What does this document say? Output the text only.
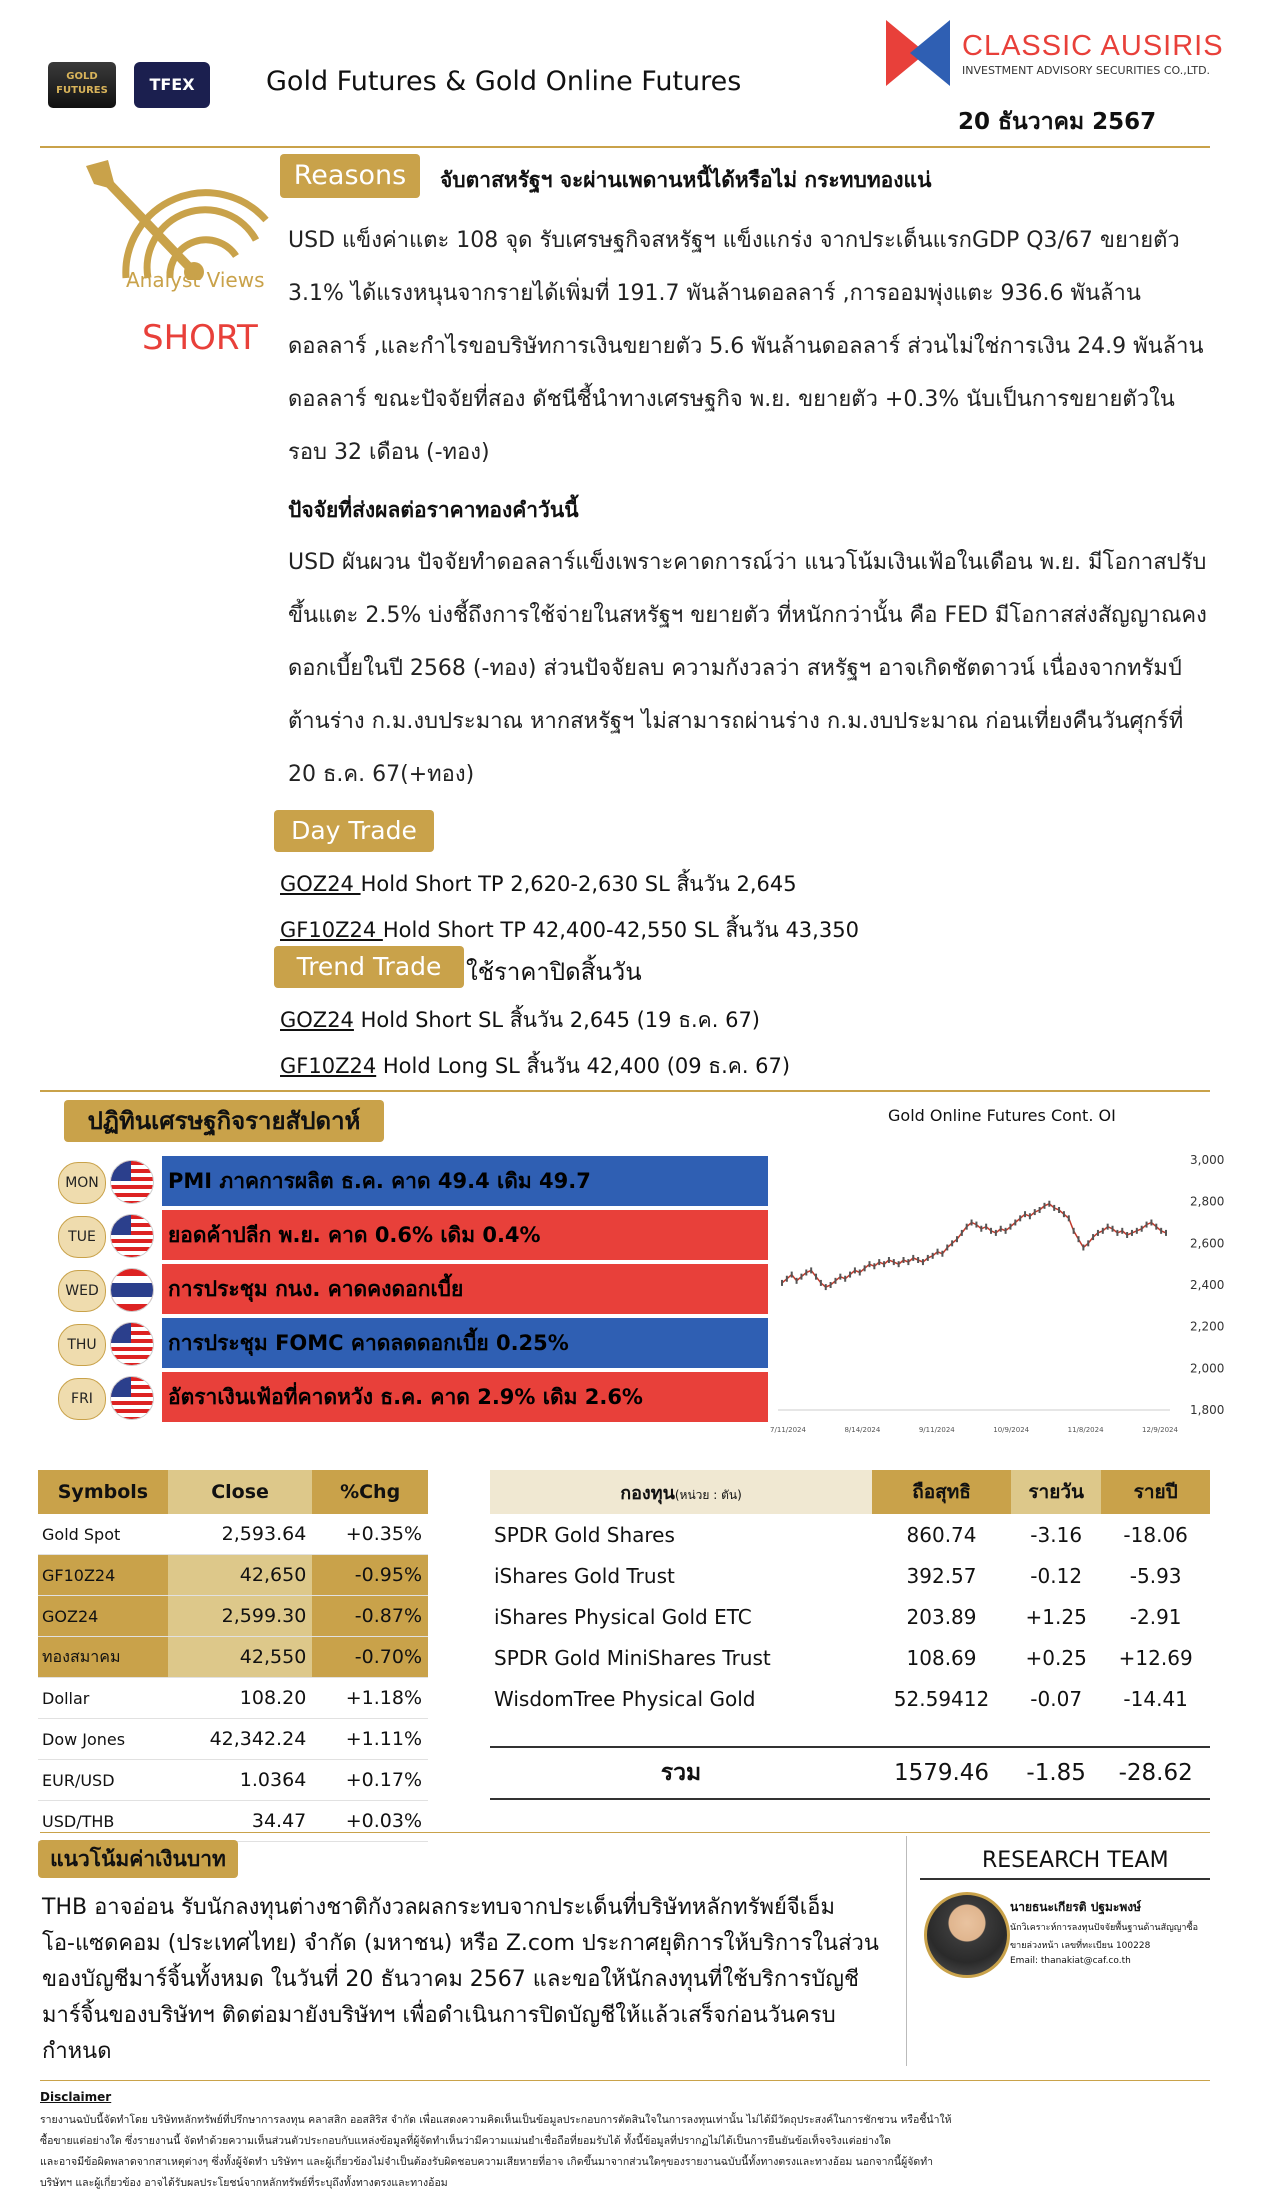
GOLD FUTURES	TFEX	Gold Futures & Gold Online Futures
CLASSIC AUSIRIS
INVESTMENT ADVISORY SECURITIES CO.,LTD.
20 ธันวาคม 2567
Analyst Views
SHORT
Reasons	จับตาสหรัฐฯ จะผ่านเพดานหนี้ได้หรือไม่ กระทบทองแน่
USD แข็งค่าแตะ 108 จุด รับเศรษฐกิจสหรัฐฯ แข็งแกร่ง จากประเด็นแรกGDP Q3/67 ขยายตัว
3.1% ได้แรงหนุนจากรายได้เพิ่มที่ 191.7 พันล้านดอลลาร์ ,การออมพุ่งแตะ 936.6 พันล้าน
ดอลลาร์ ,และกำไรขอบริษัทการเงินขยายตัว 5.6 พันล้านดอลลาร์ ส่วนไม่ใช่การเงิน 24.9 พันล้าน
ดอลลาร์ ขณะปัจจัยที่สอง ดัชนีชี้นำทางเศรษฐกิจ พ.ย. ขยายตัว +0.3% นับเป็นการขยายตัวใน
รอบ 32 เดือน (-ทอง)
ปัจจัยที่ส่งผลต่อราคาทองคำวันนี้
USD ผันผวน ปัจจัยทำดอลลาร์แข็งเพราะคาดการณ์ว่า แนวโน้มเงินเฟ้อในเดือน พ.ย. มีโอกาสปรับ
ขึ้นแตะ 2.5% บ่งชี้ถึงการใช้จ่ายในสหรัฐฯ ขยายตัว ที่หนักกว่านั้น คือ FED มีโอกาสส่งสัญญาณคง
ดอกเบี้ยในปี 2568 (-ทอง) ส่วนปัจจัยลบ ความกังวลว่า สหรัฐฯ อาจเกิดชัตดาวน์ เนื่องจากทรัมป์
ต้านร่าง ก.ม.งบประมาณ หากสหรัฐฯ ไม่สามารถผ่านร่าง ก.ม.งบประมาณ ก่อนเที่ยงคืนวันศุกร์ที่
20 ธ.ค. 67(+ทอง)
Day Trade
GOZ24 Hold Short TP 2,620-2,630 SL สิ้นวัน 2,645
GF10Z24 Hold Short TP 42,400-42,550 SL สิ้นวัน 43,350
Trend Trade	ใช้ราคาปิดสิ้นวัน
GOZ24 Hold Short SL สิ้นวัน 2,645 (19 ธ.ค. 67)
GF10Z24 Hold Long SL สิ้นวัน 42,400 (09 ธ.ค. 67)
ปฏิทินเศรษฐกิจรายสัปดาห์
MON	PMI ภาคการผลิต ธ.ค. คาด 49.4 เดิม 49.7
TUE	ยอดค้าปลีก พ.ย. คาด 0.6% เดิม 0.4%
WED	การประชุม กนง. คาดคงดอกเบี้ย
THU	การประชุม FOMC คาดลดดอกเบี้ย 0.25%
FRI	อัตราเงินเฟ้อที่คาดหวัง ธ.ค. คาด 2.9% เดิม 2.6%
Gold Online Futures Cont. OI
3,000
2,800
2,600
2,400
2,200
2,000
1,800
7/11/2024	8/14/2024	9/11/2024	10/9/2024	11/8/2024	12/9/2024
Symbols	Close	%Chg
Gold Spot	2,593.64	+0.35%
GF10Z24	42,650	-0.95%
GOZ24	2,599.30	-0.87%
ทองสมาคม	42,550	-0.70%
Dollar	108.20	+1.18%
Dow Jones	42,342.24	+1.11%
EUR/USD	1.0364	+0.17%
USD/THB	34.47	+0.03%
กองทุน(หน่วย : ตัน)	ถือสุทธิ	รายวัน	รายปี
SPDR Gold Shares	860.74	-3.16	-18.06
iShares Gold Trust	392.57	-0.12	-5.93
iShares Physical Gold ETC	203.89	+1.25	-2.91
SPDR Gold MiniShares Trust	108.69	+0.25	+12.69
WisdomTree Physical Gold	52.59412	-0.07	-14.41

รวม	1579.46	-1.85	-28.62
แนวโน้มค่าเงินบาท
THB อาจอ่อน รับนักลงทุนต่างชาติกังวลผลกระทบจากประเด็นที่บริษัทหลักทรัพย์จีเอ็ม
โอ-แซดคอม (ประเทศไทย) จำกัด (มหาชน) หรือ Z.com ประกาศยุติการให้บริการในส่วน
ของบัญชีมาร์จิ้นทั้งหมด ในวันที่ 20 ธันวาคม 2567 และขอให้นักลงทุนที่ใช้บริการบัญชี
มาร์จิ้นของบริษัทฯ ติดต่อมายังบริษัทฯ เพื่อดำเนินการปิดบัญชีให้แล้วเสร็จก่อนวันครบ
กำหนด
RESEARCH TEAM
นายธนะเกียรติ ปฐมะพงษ์
นักวิเคราะห์การลงทุนปัจจัยพื้นฐานด้านสัญญาซื้อ
ขายล่วงหน้า เลขที่ทะเบียน 100228
Email: thanakiat@caf.co.th
Disclaimer
รายงานฉบับนี้จัดทำโดย บริษัทหลักทรัพย์ที่ปรึกษาการลงทุน คลาสสิก ออสสิริส จำกัด เพื่อแสดงความคิดเห็นเป็นข้อมูลประกอบการตัดสินใจในการลงทุนเท่านั้น ไม่ได้มีวัตถุประสงค์ในการชักชวน หรือชี้นำให้
ซื้อขายแต่อย่างใด ซึ่งรายงานนี้ จัดทำด้วยความเห็นส่วนตัวประกอบกับแหล่งข้อมูลที่ผู้จัดทำเห็นว่ามีความแม่นยำเชื่อถือที่ยอมรับได้ ทั้งนี้ข้อมูลที่ปรากฏไม่ได้เป็นการยืนยันข้อเท็จจริงแต่อย่างใด
และอาจมีข้อผิดพลาดจากสาเหตุต่างๆ ซึ่งทั้งผู้จัดทำ บริษัทฯ และผู้เกี่ยวข้องไม่จำเป็นต้องรับผิดชอบความเสียหายที่อาจ เกิดขึ้นมาจากส่วนใดๆของรายงานฉบับนี้ทั้งทางตรงและทางอ้อม นอกจากนี้ผู้จัดทำ
บริษัทฯ และผู้เกี่ยวข้อง อาจได้รับผลประโยชน์จากหลักทรัพย์ที่ระบุถึงทั้งทางตรงและทางอ้อม
